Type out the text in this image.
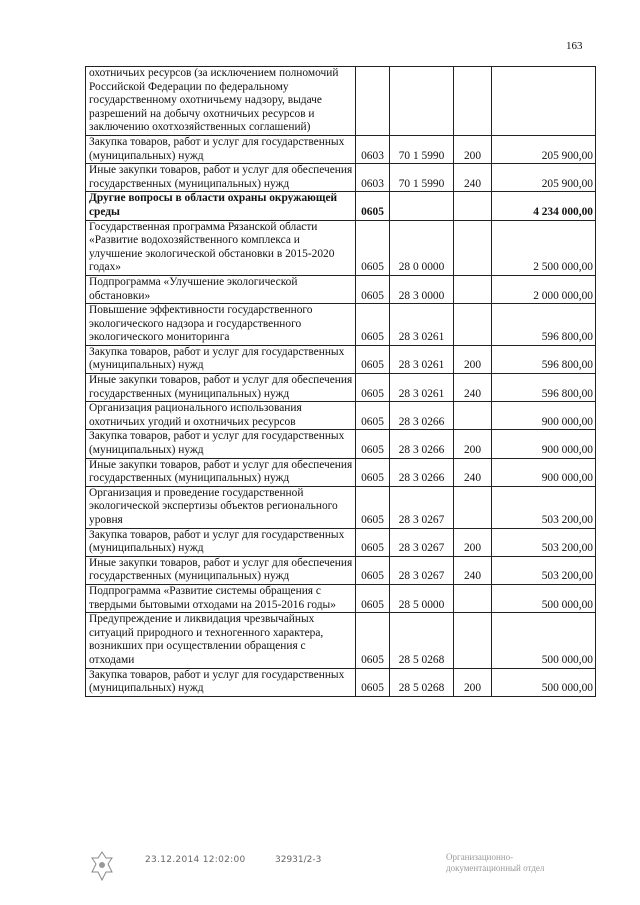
163
охотничьих ресурсов (за исключением полномочий Российской Федерации по федеральному государственному охотничьему надзору, выдаче разрешений на добычу охотничьих ресурсов и заключению охотхозяйственных соглашений)				
Закупка товаров, работ и услуг для государственных (муниципальных) нужд	0603	70 1 5990	200	205 900,00
Иные закупки товаров, работ и услуг для обеспечения государственных (муниципальных) нужд	0603	70 1 5990	240	205 900,00
Другие вопросы в области охраны окружающей среды	0605			4 234 000,00
Государственная программа Рязанской области «Развитие водохозяйственного комплекса и улучшение экологической обстановки в 2015-2020 годах»	0605	28 0 0000		2 500 000,00
Подпрограмма «Улучшение экологической обстановки»	0605	28 3 0000		2 000 000,00
Повышение эффективности государственного экологического надзора и государственного экологического мониторинга	0605	28 3 0261		596 800,00
Закупка товаров, работ и услуг для государственных (муниципальных) нужд	0605	28 3 0261	200	596 800,00
Иные закупки товаров, работ и услуг для обеспечения государственных (муниципальных) нужд	0605	28 3 0261	240	596 800,00
Организация рационального использования охотничьих угодий и охотничьих ресурсов	0605	28 3 0266		900 000,00
Закупка товаров, работ и услуг для государственных (муниципальных) нужд	0605	28 3 0266	200	900 000,00
Иные закупки товаров, работ и услуг для обеспечения государственных (муниципальных) нужд	0605	28 3 0266	240	900 000,00
Организация и проведение государственной экологической экспертизы объектов регионального уровня	0605	28 3 0267		503 200,00
Закупка товаров, работ и услуг для государственных (муниципальных) нужд	0605	28 3 0267	200	503 200,00
Иные закупки товаров, работ и услуг для обеспечения государственных (муниципальных) нужд	0605	28 3 0267	240	503 200,00
Подпрограмма «Развитие системы обращения с твердыми бытовыми отходами на 2015-2016 годы»	0605	28 5 0000		500 000,00
Предупреждение и ликвидация чрезвычайных ситуаций природного и техногенного характера, возникших при осуществлении обращения с отходами	0605	28 5 0268		500 000,00
Закупка товаров, работ и услуг для государственных (муниципальных) нужд	0605	28 5 0268	200	500 000,00
23.12.2014 12:02:00	32931/2-3	Организационно-документационный отдел
